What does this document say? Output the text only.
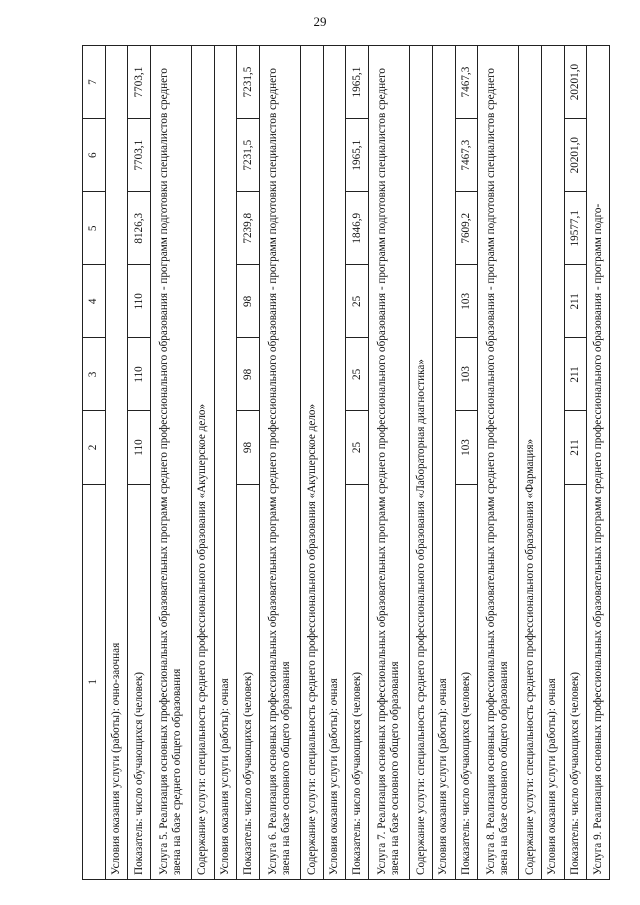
29
1	2	3	4	5	6	7
Условия оказания услуги (работы): очно-заочная						
Показатель: число обучающихся (человек)	110	110	110	8126,3	7703,1	7703,1
Услуга 5. Реализация основных профессиональных образовательных программ среднего профессионального образования - программ подготовки специалистов среднего звена на базе среднего общего образования						
Содержание услуги: специальность среднего профессионального образования «Акушерское дело»						
Условия оказания услуги (работы): очная						
Показатель: число обучающихся (человек)	98	98	98	7239,8	7231,5	7231,5
Услуга 6. Реализация основных профессиональных образовательных программ среднего профессионального образования - программ подготовки специалистов среднего звена на базе основного общего образования						
Содержание услуги: специальность среднего профессионального образования «Акушерское дело»						
Условия оказания услуги (работы): очная						
Показатель: число обучающихся (человек)	25	25	25	1846,9	1965,1	1965,1
Услуга 7. Реализация основных профессиональных образовательных программ среднего профессионального образования - программ подготовки специалистов среднего звена на базе основного общего образования						
Содержание услуги: специальность среднего профессионального образования «Лабораторная диагностика»						
Условия оказания услуги (работы): очная						
Показатель: число обучающихся (человек)	103	103	103	7609,2	7467,3	7467,3
Услуга 8. Реализация основных профессиональных образовательных программ среднего профессионального образования - программ подготовки специалистов среднего звена на базе основного общего образования						
Содержание услуги: специальность среднего профессионального образования «Фармация»						
Условия оказания услуги (работы): очная						
Показатель: число обучающихся (человек)	211	211	211	19577,1	20201,0	20201,0
Услуга 9. Реализация основных профессиональных образовательных программ среднего профессионального образования - программ подго-						
